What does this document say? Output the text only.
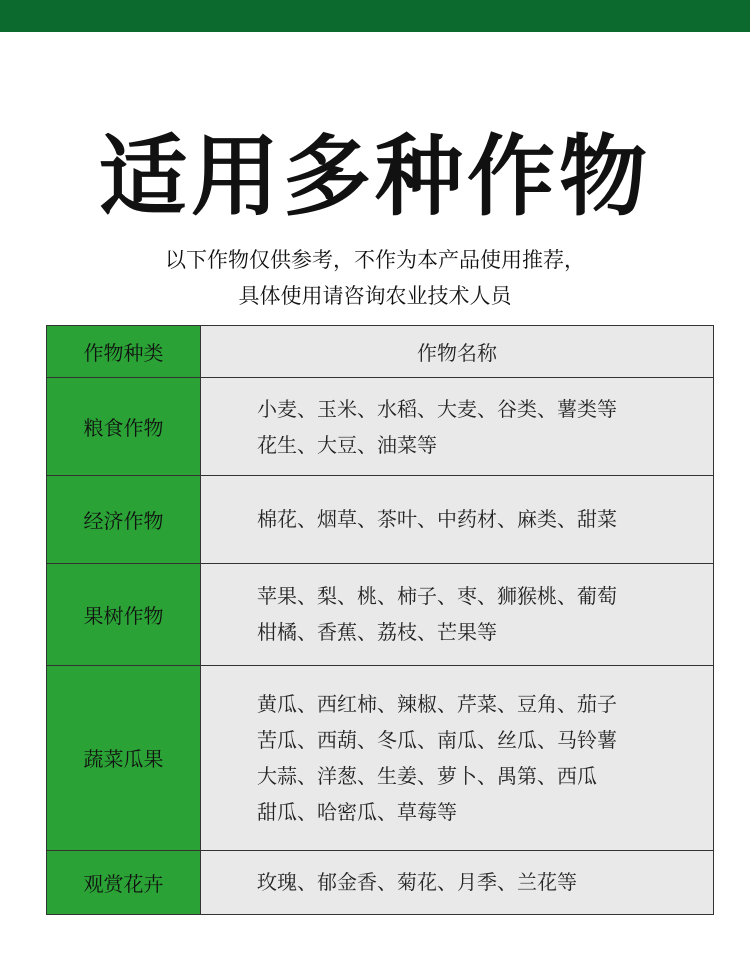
适用多种作物
以下作物仅供参考，不作为本产品使用推荐，
具体使用请咨询农业技术人员
作物种类	作物名称
粮食作物	小麦、玉米、水稻、大麦、谷类、薯类等
花生、大豆、油菜等

经济作物	棉花、烟草、茶叶、中药材、麻类、甜菜

果树作物	苹果、梨、桃、柿子、枣、狮猴桃、葡萄
柑橘、香蕉、荔枝、芒果等

蔬菜瓜果	黄瓜、西红柿、辣椒、芹菜、豆角、茄子
苦瓜、西葫、冬瓜、南瓜、丝瓜、马铃薯
大蒜、洋葱、生姜、萝卜、禺第、西瓜
甜瓜、哈密瓜、草莓等

观赏花卉	玫瑰、郁金香、菊花、月季、兰花等
